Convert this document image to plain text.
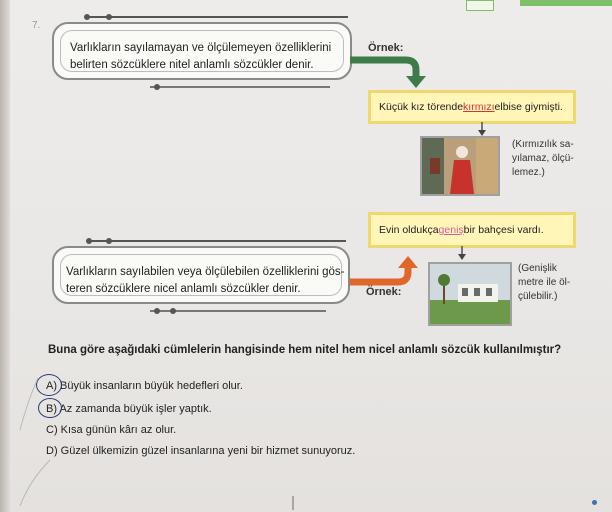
7.
Varlıkların sayılamayan ve ölçülemeyen özelliklerini
belirten sözcüklere nitel anlamlı sözcükler denir.
Örnek:
Küçük kız törende kırmızı elbise giymişti.
(Kırmızılık sa-
yılamaz, ölçü-
lemez.)
Evin oldukça geniş bir bahçesi vardı.
Varlıkların sayılabilen veya ölçülebilen özelliklerini gös-
teren sözcüklere nicel anlamlı sözcükler denir.	Örnek:
(Genişlik
metre ile öl-
çülebilir.)
Buna göre aşağıdaki cümlelerin hangisinde hem nitel hem nicel anlamlı sözcük kullanılmıştır?
A) Büyük insanların büyük hedefleri olur.
B) Az zamanda büyük işler yaptık.
C) Kısa günün kârı az olur.
D) Güzel ülkemizin güzel insanlarına yeni bir hizmet sunuyoruz.
